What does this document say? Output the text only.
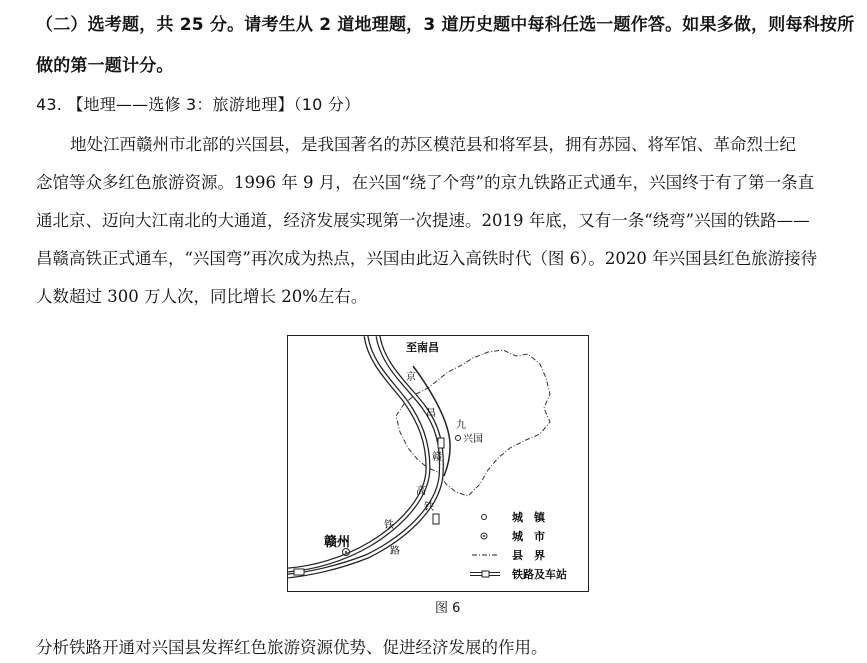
（二）选考题，共 25 分。请考生从 2 道地理题，3 道历史题中每科任选一题作答。如果多做，则每科按所
做的第一题计分。
43. 【地理——选修 3：旅游地理】（10 分）

地处江西赣州市北部的兴国县，是我国著名的苏区模范县和将军县，拥有苏园、将军馆、革命烈士纪

念馆等众多红色旅游资源。1996 年 9 月，在兴国“绕了个弯”的京九铁路正式通车，兴国终于有了第一条直

通北京、迈向大江南北的大通道，经济发展实现第一次提速。2019 年底，又有一条“绕弯”兴国的铁路——

昌赣高铁正式通车，“兴国弯”再次成为热点，兴国由此迈入高铁时代（图 6）。2020 年兴国县红色旅游接待

人数超过 300 万人次，同比增长 20%左右。

至南昌
兴国
赣州
京
九
昌
赣
高
铁
铁
路
城　镇
城　市
县　界
铁路及车站
图 6
分析铁路开通对兴国县发挥红色旅游资源优势、促进经济发展的作用。
